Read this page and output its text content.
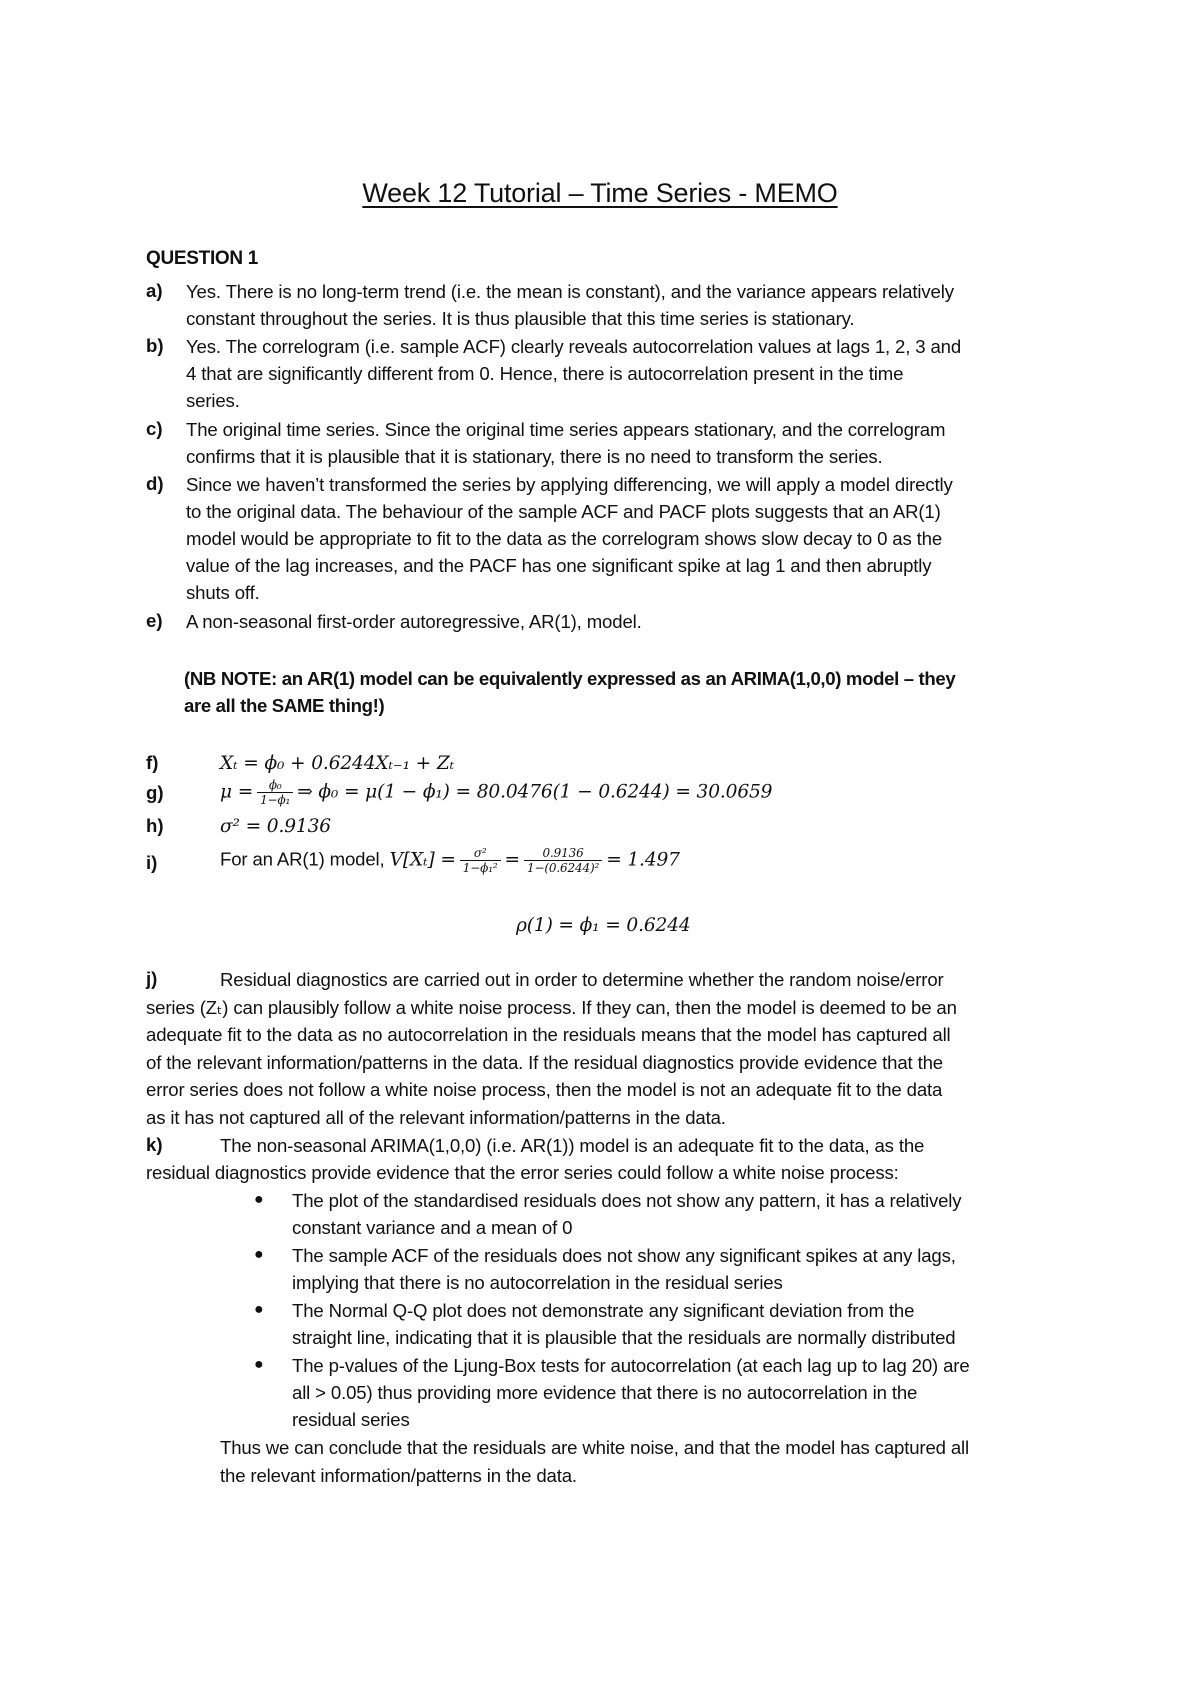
Week 12 Tutorial – Time Series - MEMO
QUESTION 1
a)	Yes. There is no long-term trend (i.e. the mean is constant), and the variance appears relatively
constant throughout the series. It is thus plausible that this time series is stationary.
b)	Yes. The correlogram (i.e. sample ACF) clearly reveals autocorrelation values at lags 1, 2, 3 and
4 that are significantly different from 0. Hence, there is autocorrelation present in the time
series.
c)	The original time series. Since the original time series appears stationary, and the correlogram
confirms that it is plausible that it is stationary, there is no need to transform the series.
d)	Since we haven’t transformed the series by applying differencing, we will apply a model directly
to the original data. The behaviour of the sample ACF and PACF plots suggests that an AR(1)
model would be appropriate to fit to the data as the correlogram shows slow decay to 0 as the
value of the lag increases, and the PACF has one significant spike at lag 1 and then abruptly
shuts off.
e)	A non-seasonal first-order autoregressive, AR(1), model.
(NB NOTE: an AR(1) model can be equivalently expressed as an ARIMA(1,0,0) model – they
are all the SAME thing!)
f)	Xₜ = ϕ₀ + 0.6244Xₜ₋₁ + Zₜ
g)	$\mu = \frac{\text{ϕ₀}}{\text{1−ϕ₁}}$ ⇒ ϕ₀ = μ(1 − ϕ₁) = 80.0476(1 − 0.6244) = 30.0659
h)	σ² = 0.9136
i)	For an AR(1) model, $V[X_t] = \frac{\text{σ²}}{\text{1−ϕ₁²}} = \frac{0.9136}{\text{1−(0.6244)²}} = 1.497$
ρ(1) = ϕ₁ = 0.6244
j)	Residual diagnostics are carried out in order to determine whether the random noise/error
series (Zₜ) can plausibly follow a white noise process. If they can, then the model is deemed to be an
adequate fit to the data as no autocorrelation in the residuals means that the model has captured all
of the relevant information/patterns in the data. If the residual diagnostics provide evidence that the
error series does not follow a white noise process, then the model is not an adequate fit to the data
as it has not captured all of the relevant information/patterns in the data.
k)	The non-seasonal ARIMA(1,0,0) (i.e. AR(1)) model is an adequate fit to the data, as the
residual diagnostics provide evidence that the error series could follow a white noise process:
● The plot of the standardised residuals does not show any pattern, it has a relatively
constant variance and a mean of 0
● The sample ACF of the residuals does not show any significant spikes at any lags,
implying that there is no autocorrelation in the residual series
● The Normal Q-Q plot does not demonstrate any significant deviation from the
straight line, indicating that it is plausible that the residuals are normally distributed
● The p-values of the Ljung-Box tests for autocorrelation (at each lag up to lag 20) are
all > 0.05) thus providing more evidence that there is no autocorrelation in the
residual series
Thus we can conclude that the residuals are white noise, and that the model has captured all
the relevant information/patterns in the data.
